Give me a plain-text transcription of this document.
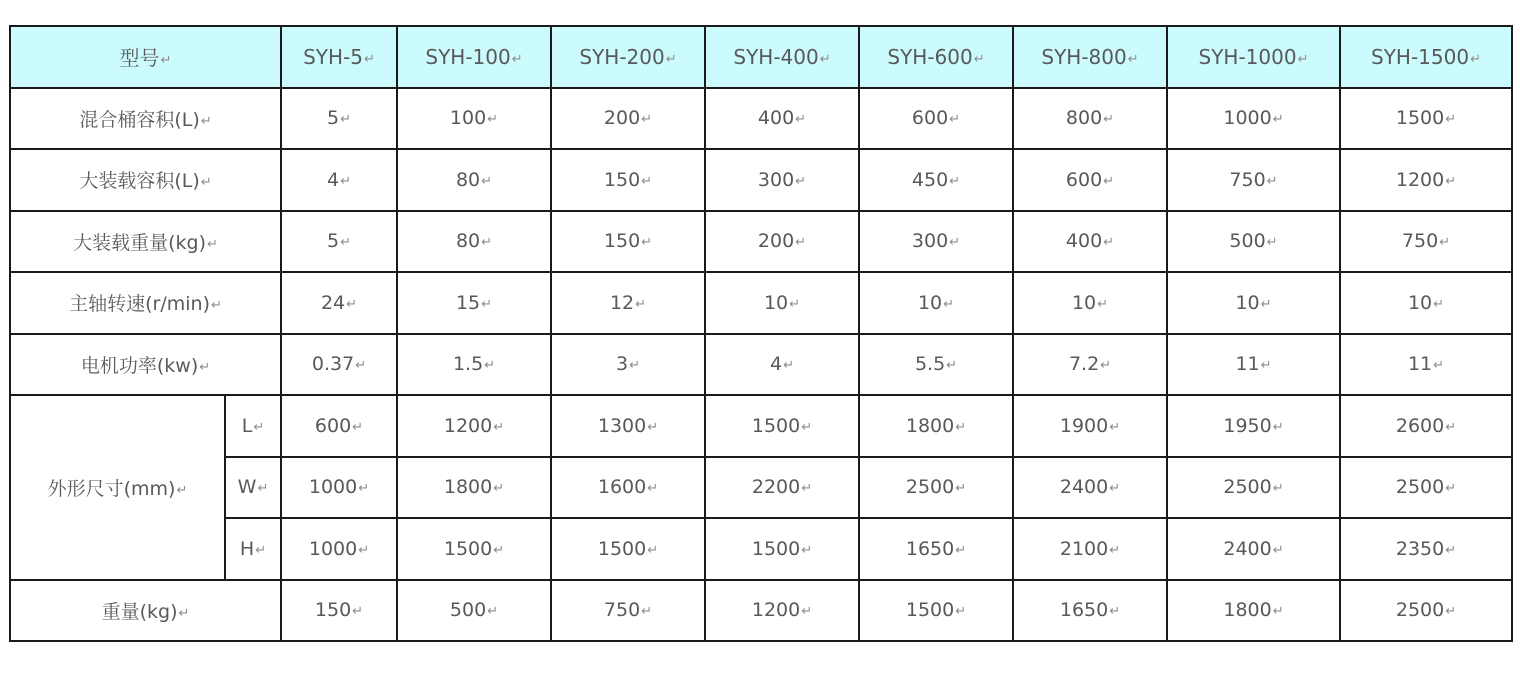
型号↵		SYH-5↵	SYH-100↵	SYH-200↵	SYH-400↵	SYH-600↵	SYH-800↵	SYH-1000↵	SYH-1500↵
混合桶容积(L)↵		5↵	100↵	200↵	400↵	600↵	800↵	1000↵	1500↵
大装载容积(L)↵		4↵	80↵	150↵	300↵	450↵	600↵	750↵	1200↵
大装载重量(kg)↵		5↵	80↵	150↵	200↵	300↵	400↵	500↵	750↵
主轴转速(r/min)↵		24↵	15↵	12↵	10↵	10↵	10↵	10↵	10↵
电机功率(kw)↵		0.37↵	1.5↵	3↵	4↵	5.5↵	7.2↵	11↵	11↵
外形尺寸(mm)↵	L↵	600↵	1200↵	1300↵	1500↵	1800↵	1900↵	1950↵	2600↵
	W↵	1000↵	1800↵	1600↵	2200↵	2500↵	2400↵	2500↵	2500↵
	H↵	1000↵	1500↵	1500↵	1500↵	1650↵	2100↵	2400↵	2350↵
重量(kg)↵		150↵	500↵	750↵	1200↵	1500↵	1650↵	1800↵	2500↵
